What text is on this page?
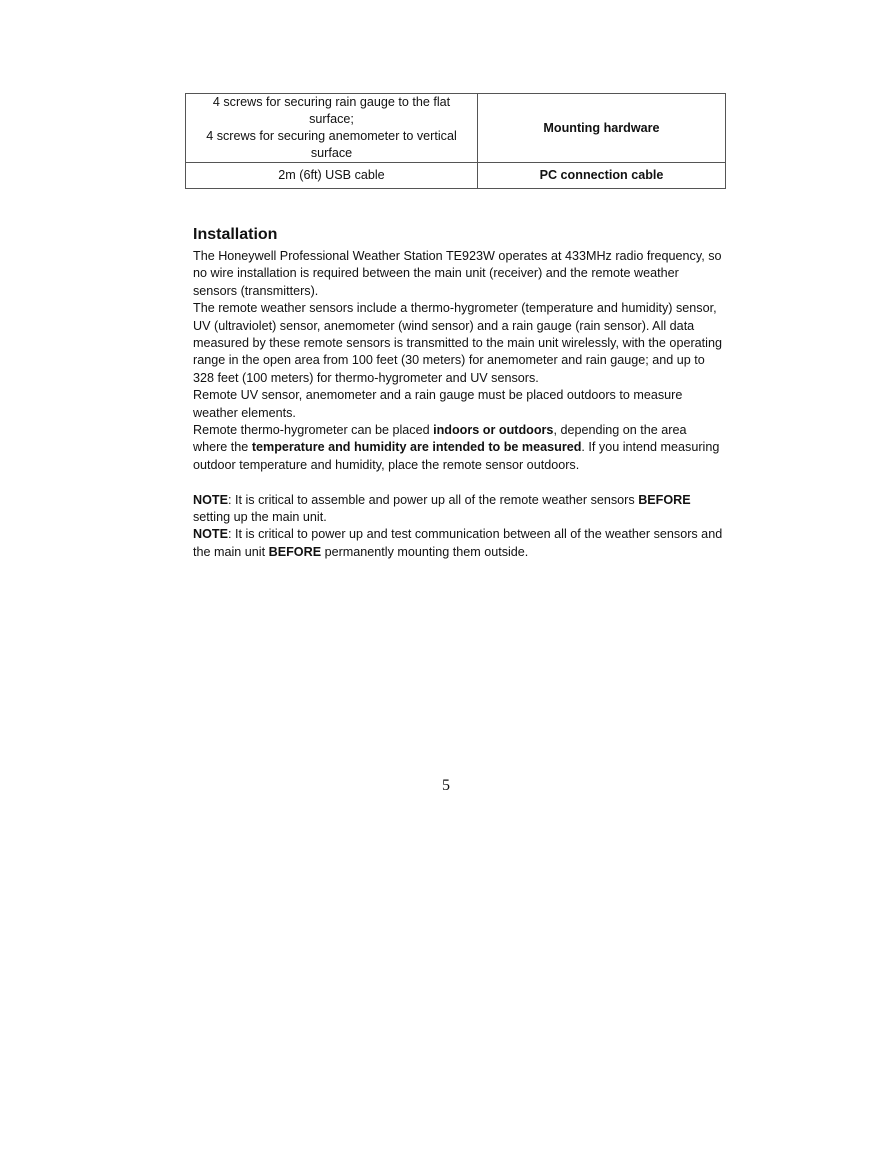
4 screws for securing rain gauge to the flat surface;
4 screws for securing anemometer to vertical
surface	Mounting hardware
2m (6ft) USB cable	PC connection cable
Installation

The Honeywell Professional Weather Station TE923W operates at 433MHz radio frequency, so no wire installation is required between the main unit (receiver) and the remote weather sensors (transmitters).

The remote weather sensors include a thermo-hygrometer (temperature and humidity) sensor, UV (ultraviolet) sensor, anemometer (wind sensor) and a rain gauge (rain sensor). All data measured by these remote sensors is transmitted to the main unit wirelessly, with the operating range in the open area from 100 feet (30 meters) for anemometer and rain gauge; and up to 328 feet (100 meters) for thermo-hygrometer and UV sensors.

Remote UV sensor, anemometer and a rain gauge must be placed outdoors to measure weather elements.

Remote thermo-hygrometer can be placed indoors or outdoors, depending on the area where the temperature and humidity are intended to be measured. If you intend measuring outdoor temperature and humidity, place the remote sensor outdoors.

NOTE: It is critical to assemble and power up all of the remote weather sensors BEFORE setting up the main unit.

NOTE: It is critical to power up and test communication between all of the weather sensors and the main unit BEFORE permanently mounting them outside.

5
